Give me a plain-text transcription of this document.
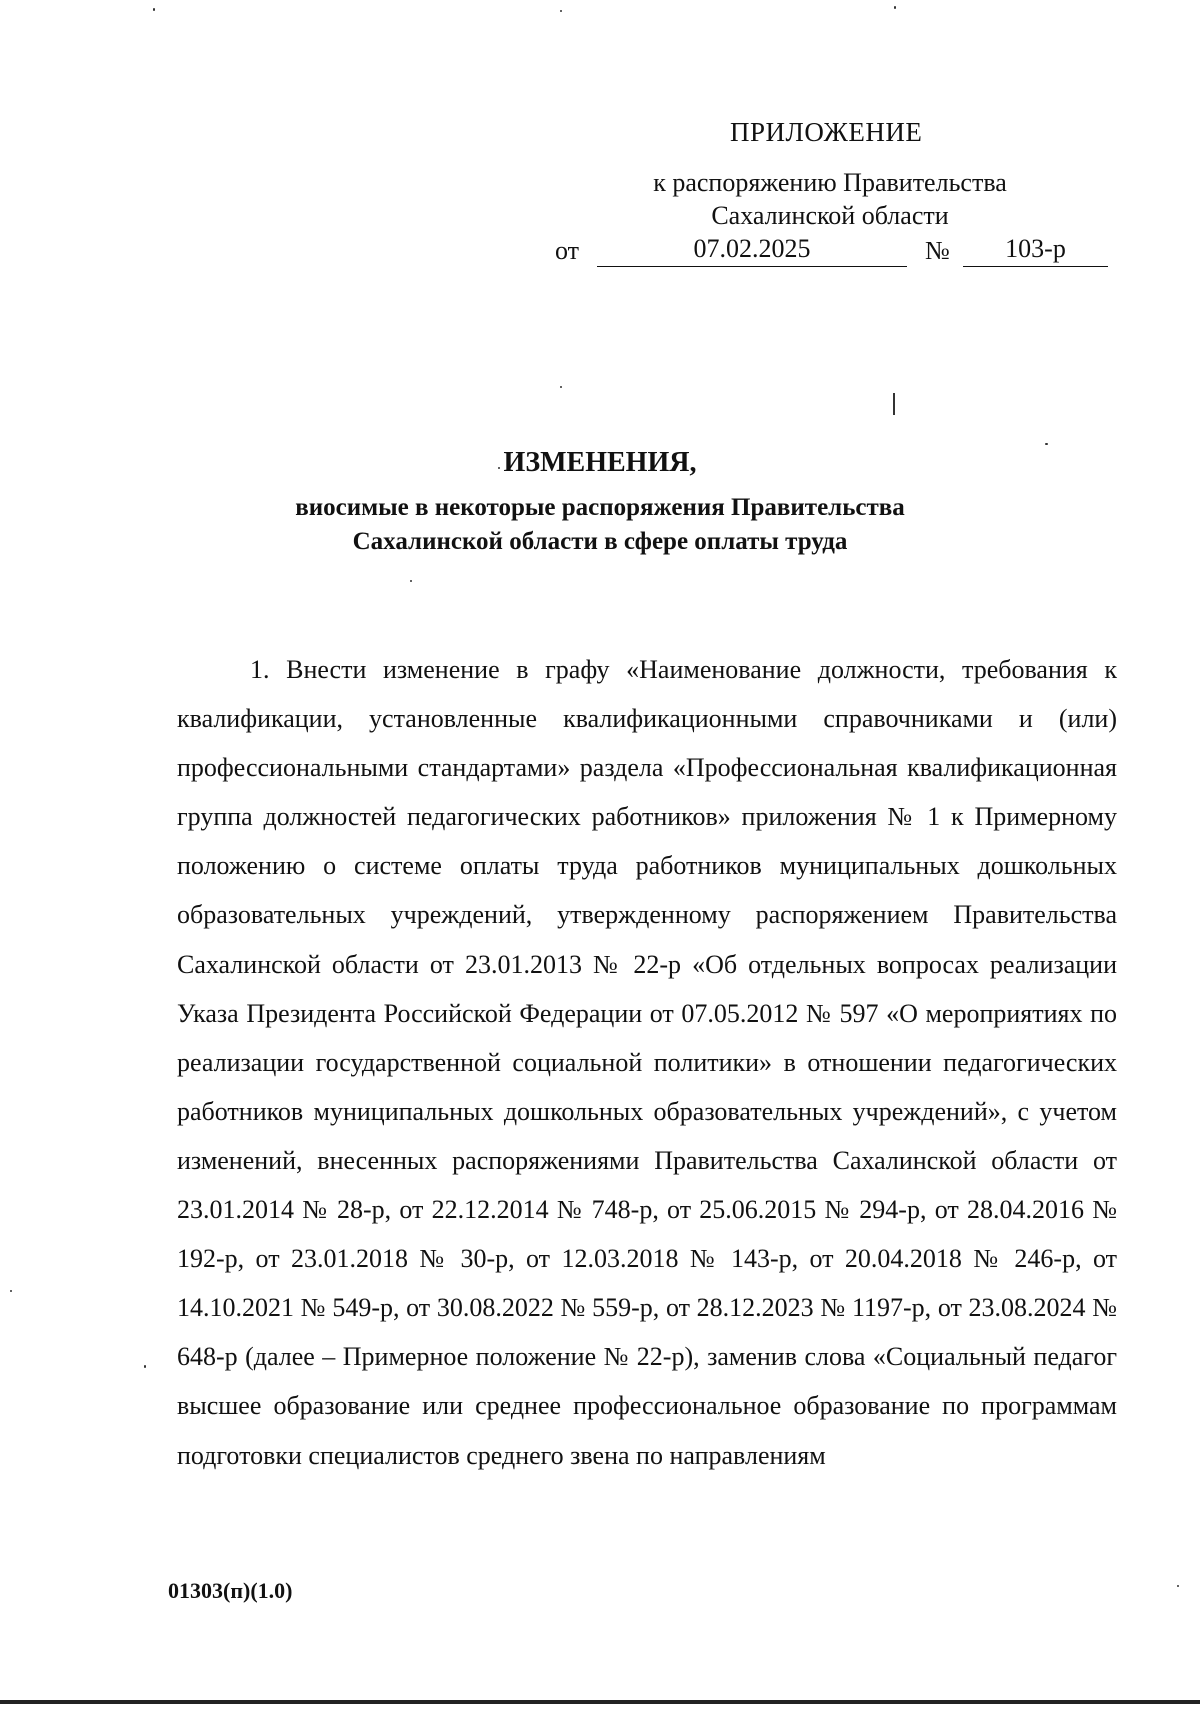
ПРИЛОЖЕНИЕ
к распоряжению Правительства
Сахалинской области
от	07.02.2025	№	103-р
ИЗМЕНЕНИЯ,
виосимые в некоторые распоряжения Правительства
Сахалинской области в сфере оплаты труда

1. Внести изменение в графу «Наименование должности, требования к квалификации, установленные квалификационными справочниками и (или) профессиональными стандартами» раздела «Профессиональная квалификационная группа должностей педагогических работников» приложения № 1 к Примерному положению о системе оплаты труда работников муниципальных дошкольных образовательных учреждений, утвержденному распоряжением Правительства Сахалинской области от 23.01.2013 № 22-р «Об отдельных вопросах реализации Указа Президента Российской Федерации от 07.05.2012 № 597 «О мероприятиях по реализации государственной социальной политики» в отношении педагогических работников муниципальных дошкольных образовательных учреждений», с учетом изменений, внесенных распоряжениями Правительства Сахалинской области от 23.01.2014 № 28-р, от 22.12.2014 № 748-р, от 25.06.2015 № 294-р, от 28.04.2016 № 192-р, от 23.01.2018 № 30-р, от 12.03.2018 № 143-р, от 20.04.2018 № 246-р, от 14.10.2021 № 549-р, от 30.08.2022 № 559-р, от 28.12.2023 № 1197-р, от 23.08.2024 № 648-р (далее – Примерное положение № 22-р), заменив слова «Социальный педагог высшее образование или среднее профессиональное образование по программам подготовки специалистов среднего звена по направлениям

01303(п)(1.0)
